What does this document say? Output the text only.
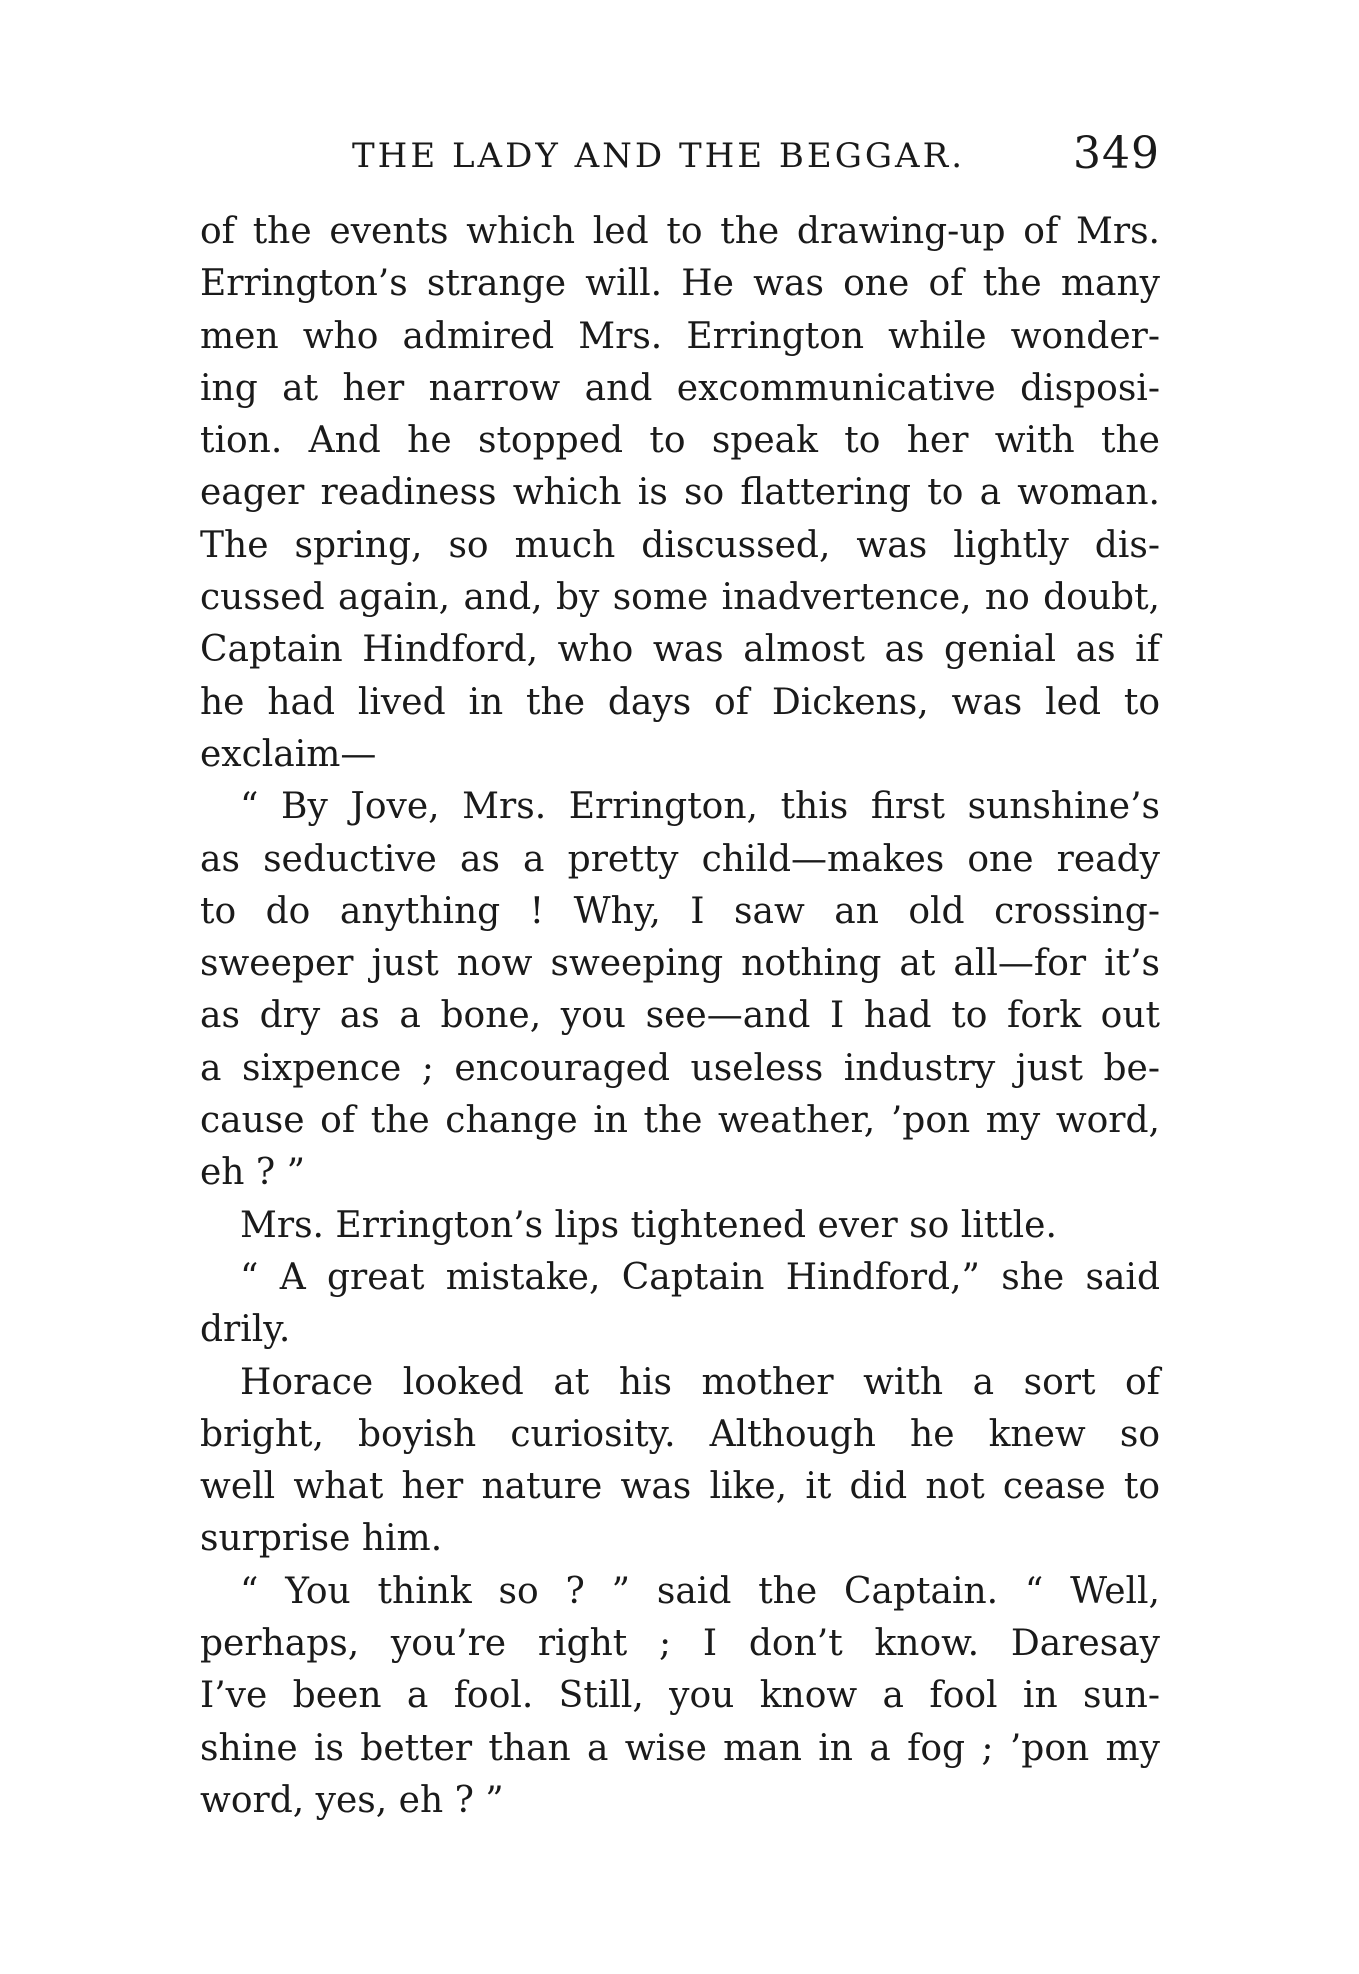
THE LADY AND THE BEGGAR. 349
of the events which led to the drawing-up of Mrs.
Errington’s strange will. He was one of the many
men who admired Mrs. Errington while wonder-
ing at her narrow and excommunicative disposi-
tion. And he stopped to speak to her with the
eager readiness which is so flattering to a woman.
The spring, so much discussed, was lightly dis-
cussed again, and, by some inadvertence, no doubt,
Captain Hindford, who was almost as genial as if
he had lived in the days of Dickens, was led to
exclaim—
“ By Jove, Mrs. Errington, this first sunshine’s
as seductive as a pretty child—makes one ready
to do anything ! Why, I saw an old crossing-
sweeper just now sweeping nothing at all—for it’s
as dry as a bone, you see—and I had to fork out
a sixpence ; encouraged useless industry just be-
cause of the change in the weather, ’pon my word,
eh ? ”
Mrs. Errington’s lips tightened ever so little.
“ A great mistake, Captain Hindford,” she said
drily.
Horace looked at his mother with a sort of
bright, boyish curiosity. Although he knew so
well what her nature was like, it did not cease to
surprise him.
“ You think so ? ” said the Captain. “ Well,
perhaps, you’re right ; I don’t know. Daresay
I’ve been a fool. Still, you know a fool in sun-
shine is better than a wise man in a fog ; ’pon my
word, yes, eh ? ”
